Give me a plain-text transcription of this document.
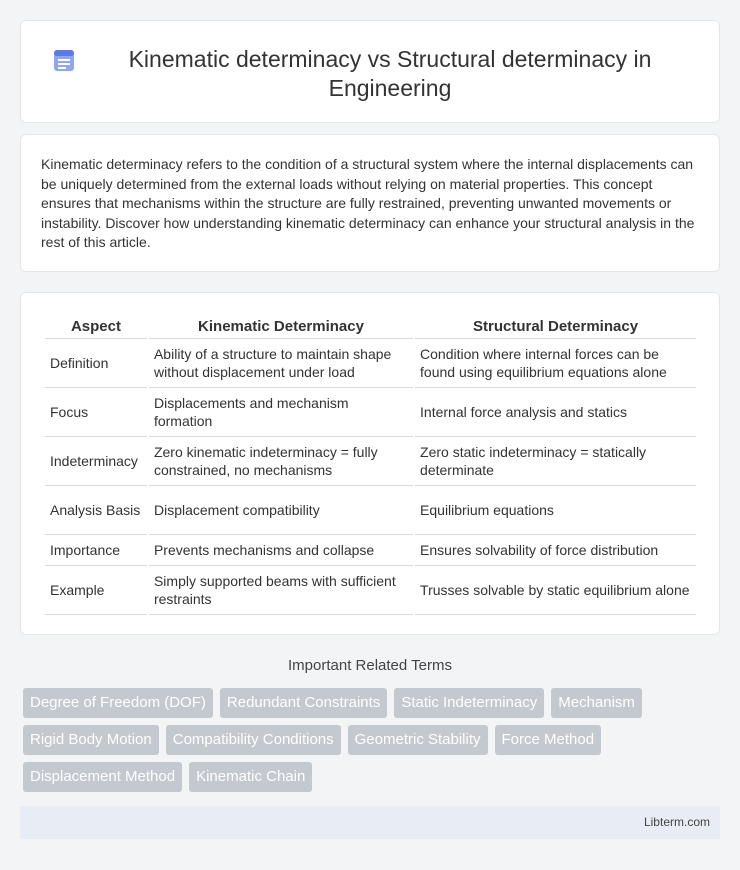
Kinematic determinacy vs Structural determinacy in Engineering

Kinematic determinacy refers to the condition of a structural system where the internal displacements can be uniquely determined from the external loads without relying on material properties. This concept ensures that mechanisms within the structure are fully restrained, preventing unwanted movements or instability. Discover how understanding kinematic determinacy can enhance your structural analysis in the rest of this article.

Aspect	Kinematic Determinacy	Structural Determinacy
Definition	Ability of a structure to maintain shape without displacement under load	Condition where internal forces can be found using equilibrium equations alone
Focus	Displacements and mechanism formation	Internal force analysis and statics
Indeterminacy	Zero kinematic indeterminacy = fully constrained, no mechanisms	Zero static indeterminacy = statically determinate
Analysis Basis	Displacement compatibility	Equilibrium equations
Importance	Prevents mechanisms and collapse	Ensures solvability of force distribution
Example	Simply supported beams with sufficient restraints	Trusses solvable by static equilibrium alone
Important Related Terms
Degree of Freedom (DOF)	Redundant Constraints	Static Indeterminacy	Mechanism
Rigid Body Motion	Compatibility Conditions	Geometric Stability	Force Method
Displacement Method	Kinematic Chain
Libterm.com
